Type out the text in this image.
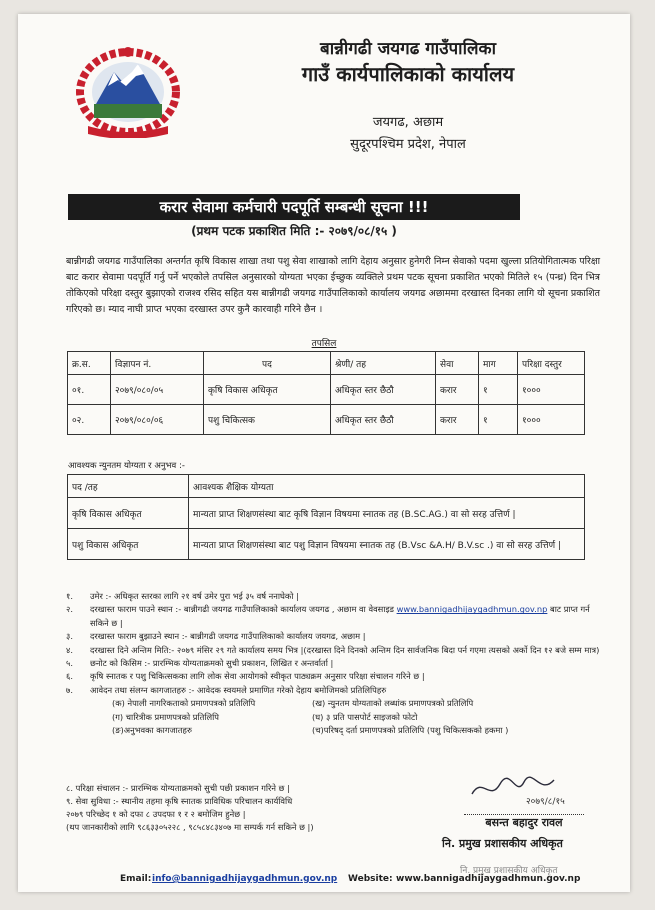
बान्नीगढी जयगढ गाउँपालिका
गाउँ कार्यपालिकाको कार्यालय
जयगढ, अछाम
सुदूरपश्चिम प्रदेश, नेपाल
करार सेवामा कर्मचारी पदपूर्ति सम्बन्धी सूचना !!!
(प्रथम पटक प्रकाशित मिति :- २०७९/०८/१५ )
बान्नीगढी जयगढ गाउँपालिका अन्तर्गत कृषि विकास शाखा तथा पशु सेवा शाखाको लागि देहाय अनुसार हुनेगरी निम्न सेवाको पदमा खुल्ला प्रतियोगितात्मक परिक्षा बाट करार सेवामा पदपूर्ति गर्नु पर्ने भएकोले तपसिल अनुसारको योग्यता भएका ईच्छुक व्यक्तिले प्रथम पटक सूचना प्रकाशित भएको मितिले १५ (पन्ध्र) दिन भित्र तोकिएको परिक्षा दस्तुर बुझाएको राजश्व रसिद सहित यस बान्नीगढी जयगढ गाउँपालिकाको कार्यालय जयगढ अछाममा दरखास्त दिनका लागि यो सूचना प्रकाशित गरिएको छ। म्याद नाघी प्राप्त भएका दरखास्त उपर कुनै कारवाही गरिने छैन ।
तपसिल
क्र.स.	विज्ञापन नं.	पद	श्रेणी/ तह	सेवा	माग	परिक्षा दस्तुर
०१.	२०७९/०८०/०५	कृषि विकास अधिकृत	अधिकृत स्तर छैठौ	करार	१	१०००
०२.	२०७९/०८०/०६	पशु चिकित्सक	अधिकृत स्तर छैठौ	करार	१	१०००
आवश्यक न्युनतम योग्यता र अनुभव :-
पद /तह	आवश्यक शैक्षिक योग्यता
कृषि विकास अधिकृत	मान्यता प्राप्त शिक्षणसंस्था बाट कृषि विज्ञान विषयमा स्नातक तह (B.SC.AG.) वा सो सरह उत्तिर्ण |
पशु विकास अधिकृत	मान्यता प्राप्त शिक्षणसंस्था बाट पशु विज्ञान विषयमा स्नातक तह (B.Vsc &A.H/ B.V.sc .) वा सो सरह उत्तिर्ण |
१.	उमेर :- अधिकृत स्तरका लागि २१ वर्ष उमेर पुरा भई ३५ वर्ष ननाघेको |
२.	दरखास्त फाराम पाउने स्थान :- बान्नीगढी जयगढ गाउँपालिकाको कार्यालय जयगढ , अछाम वा वेवसाइड www.bannigadhijaygadhmun.gov.np बाट प्राप्त गर्न सकिने छ |
३.	दरखास्त फाराम बुझाउने स्थान :- बान्नीगढी जयगढ गाउँपालिकाको कार्यालय जयगढ, अछाम |
४.	दरखास्त दिने अन्तिम मिति:- २०७९ मंसिर २९ गते कार्यालय समय भित्र |(दरखास्त दिने दिनको अन्तिम दिन सार्वजनिक बिदा पर्न गएमा त्यसको अर्को दिन १२ बजे सम्म मात्र)
५.	छनोट को किसिम :- प्रारम्भिक योग्यताक्रमको सुची प्रकाशन, लिखित र अन्तर्वार्ता |
६.	कृषि स्नातक र पशु चिकित्सकका लागि लोक सेवा आयोगको स्वीकृत पाठ्यक्रम अनुसार परिक्षा संचालन गरिने छ |
७.	आवेदन तथा संलग्न कागजातहरु :- आवेदक स्वयमले प्रमाणित गरेको देहाय बमोजिमको प्रतिलिपिहरु
(क) नेपाली नागरिकताको प्रमाणपत्रको प्रतिलिपि	(ख) न्युनतम योग्यताको लब्धांक प्रमाणपत्रको प्रतिलिपि
(ग) चारित्रीक प्रमाणपत्रको प्रतिलिपि	(घ) ३ प्रति पासपोर्ट साइजको फोटो
(ङ)अनुभवका कागजातहरु	(च)परिषद् दर्ता प्रमाणपत्रको प्रतिलिपि (पशु चिकित्सकको हकमा )
८. परिक्षा संचालन :- प्रारम्भिक योग्यताक्रमको सुची पछी प्रकाशन गरिने छ |
९. सेवा सुविधा :- स्थानीय तहमा कृषि स्नातक प्राविधिक परिचालन कार्यविधि
२०७९ परिच्छेद १ को दफा ८ उपदफा १ र २ बमोजिम हुनेछ |
(थप जानकारीको लागि ९८६३३०५२२८ , ९८५८४८३४०७ मा सम्पर्क गर्न सकिने छ |)
२०७९/८/१५
बसन्त बहादुर रावल
नि. प्रमुख प्रशासकीय अधिकृत
नि. प्रमुख प्रशासकीय अधिकृत
Email: info@bannigadhijaygadhmun.gov.np Website: www.bannigadhijaygadhmun.gov.np
